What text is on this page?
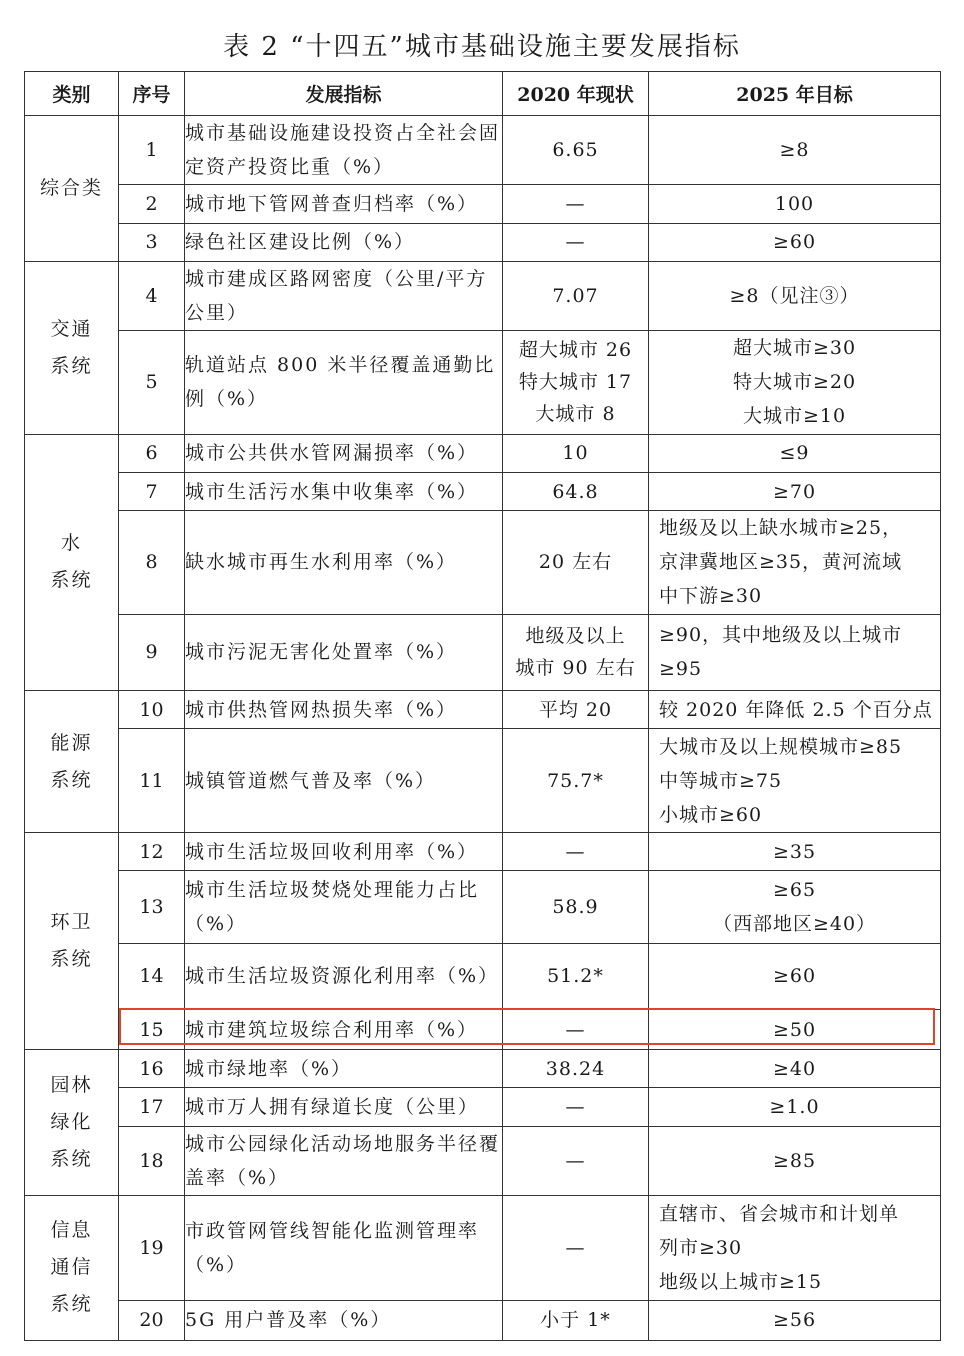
表 2 “十四五”城市基础设施主要发展指标
类别	序号	发展指标	2020 年现状	2025 年目标

综合类	1	城市基础设施建设投资占全社会固定资产投资比重（%）	6.65	≥8

	2	城市地下管网普查归档率（%）	—	100

	3	绿色社区建设比例（%）	—	≥60

交通
系统	4	城市建成区路网密度（公里/平方公里）	7.07	≥8（见注③）

	5	轨道站点 800 米半径覆盖通勤比例（%）	超大城市 26
特大城市 17
大城市 8	超大城市≥30
特大城市≥20
大城市≥10

水
系统	6	城市公共供水管网漏损率（%）	10	≤9

	7	城市生活污水集中收集率（%）	64.8	≥70

	8	缺水城市再生水利用率（%）	20 左右	地级及以上缺水城市≥25，
京津冀地区≥35，黄河流域
中下游≥30

	9	城市污泥无害化处置率（%）	地级及以上
城市 90 左右	≥90，其中地级及以上城市
≥95

能源
系统	10	城市供热管网热损失率（%）	平均 20	较 2020 年降低 2.5 个百分点

	11	城镇管道燃气普及率（%）	75.7*	大城市及以上规模城市≥85
中等城市≥75
小城市≥60

环卫
系统	12	城市生活垃圾回收利用率（%）	—	≥35

	13	城市生活垃圾焚烧处理能力占比（%）	58.9	≥65
（西部地区≥40）

	14	城市生活垃圾资源化利用率（%）	51.2*	≥60

	15	城市建筑垃圾综合利用率（%）	—	≥50

园林
绿化
系统	16	城市绿地率（%）	38.24	≥40

	17	城市万人拥有绿道长度（公里）	—	≥1.0

	18	城市公园绿化活动场地服务半径覆盖率（%）	—	≥85

信息
通信
系统	19	市政管网管线智能化监测管理率（%）	—	直辖市、省会城市和计划单
列市≥30
地级以上城市≥15

	20	5G 用户普及率（%）	小于 1*	≥56
